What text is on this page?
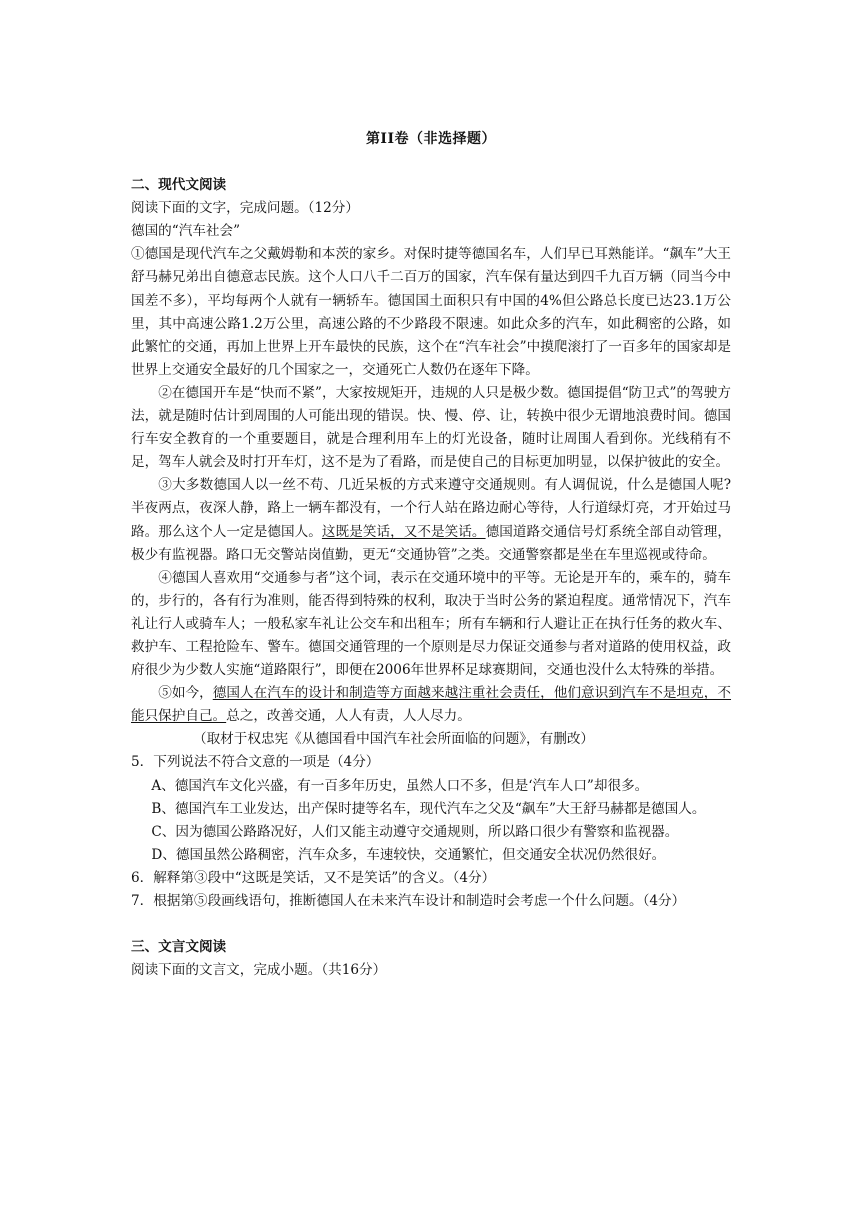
第II卷（非选择题）
二、现代文阅读
阅读下面的文字，完成问题。（12分）
德国的“汽车社会”
①德国是现代汽车之父戴姆勒和本茨的家乡。对保时捷等德国名车，人们早已耳熟能详。“飙车”大王舒马赫兄弟出自德意志民族。这个人口八千二百万的国家，汽车保有量达到四千九百万辆（同当今中国差不多），平均每两个人就有一辆轿车。德国国土面积只有中国的4%但公路总长度已达23.1万公里，其中高速公路1.2万公里，高速公路的不少路段不限速。如此众多的汽车，如此稠密的公路，如此繁忙的交通，再加上世界上开车最快的民族，这个在“汽车社会”中摸爬滚打了一百多年的国家却是世界上交通安全最好的几个国家之一，交通死亡人数仍在逐年下降。
②在德国开车是“快而不紧”，大家按规矩开，违规的人只是极少数。德国提倡“防卫式”的驾驶方法，就是随时估计到周围的人可能出现的错误。快、慢、停、让，转换中很少无谓地浪费时间。德国行车安全教育的一个重要题目，就是合理利用车上的灯光设备，随时让周围人看到你。光线稍有不足，驾车人就会及时打开车灯，这不是为了看路，而是使自己的目标更加明显，以保护彼此的安全。
③大多数德国人以一丝不苟、几近呆板的方式来遵守交通规则。有人调侃说，什么是德国人呢?半夜两点，夜深人静，路上一辆车都没有，一个行人站在路边耐心等待，人行道绿灯亮，才开始过马路。那么这个人一定是德国人。这既是笑话，又不是笑话。德国道路交通信号灯系统全部自动管理，极少有监视器。路口无交警站岗值勤，更无“交通协管”之类。交通警察都是坐在车里巡视或待命。
④德国人喜欢用“交通参与者”这个词，表示在交通环境中的平等。无论是开车的，乘车的，骑车的，步行的，各有行为准则，能否得到特殊的权利，取决于当时公务的紧迫程度。通常情况下，汽车礼让行人或骑车人；一般私家车礼让公交车和出租车；所有车辆和行人避让正在执行任务的救火车、救护车、工程抢险车、警车。德国交通管理的一个原则是尽力保证交通参与者对道路的使用权益，政府很少为少数人实施“道路限行”，即便在2006年世界杯足球赛期间，交通也没什么太特殊的举措。
⑤如今，德国人在汽车的设计和制造等方面越来越注重社会责任，他们意识到汽车不是坦克，不能只保护自己。总之，改善交通，人人有责，人人尽力。
（取材于权忠宪《从德国看中国汽车社会所面临的问题》，有删改）
5．下列说法不符合文意的一项是（4分）
A、德国汽车文化兴盛，有一百多年历史，虽然人口不多，但是‘汽车人口”却很多。
B、德国汽车工业发达，出产保时捷等名车，现代汽车之父及“飙车”大王舒马赫都是德国人。
C、因为德国公路路况好，人们又能主动遵守交通规则，所以路口很少有警察和监视器。
D、德国虽然公路稠密，汽车众多，车速较快，交通繁忙，但交通安全状况仍然很好。
6．解释第③段中“这既是笑话，又不是笑话”的含义。（4分）
7．根据第⑤段画线语句，推断德国人在未来汽车设计和制造时会考虑一个什么问题。（4分）
三、文言文阅读
阅读下面的文言文，完成小题。（共16分）
